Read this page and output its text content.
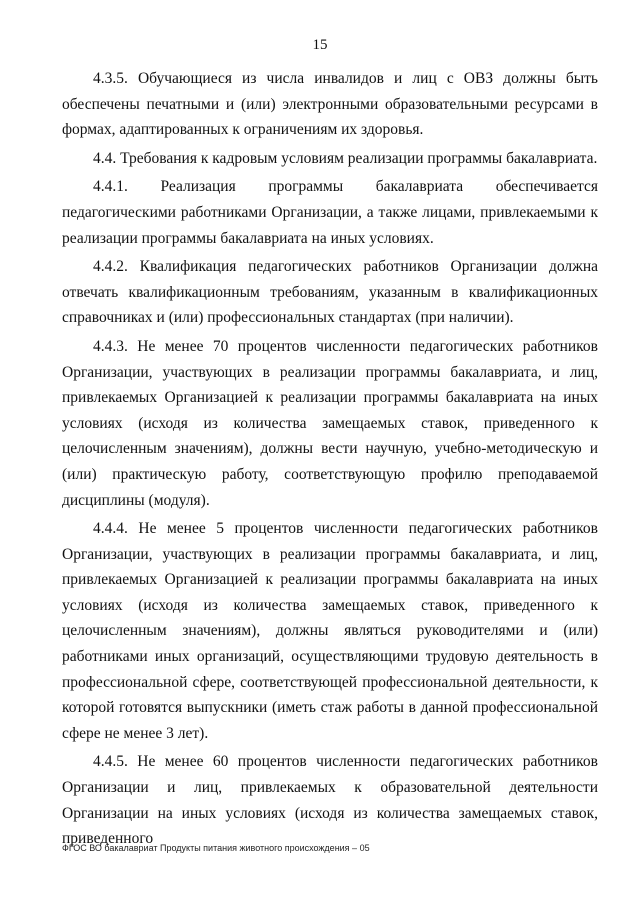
15

4.3.5. Обучающиеся из числа инвалидов и лиц с ОВЗ должны быть обеспечены печатными и (или) электронными образовательными ресурсами в формах, адаптированных к ограничениям их здоровья.

4.4. Требования к кадровым условиям реализации программы бакалавриата.

4.4.1. Реализация программы бакалавриата обеспечивается педагогическими работниками Организации, а также лицами, привлекаемыми к реализации программы бакалавриата на иных условиях.

4.4.2. Квалификация педагогических работников Организации должна отвечать квалификационным требованиям, указанным в квалификационных справочниках и (или) профессиональных стандартах (при наличии).

4.4.3. Не менее 70 процентов численности педагогических работников Организации, участвующих в реализации программы бакалавриата, и лиц, привлекаемых Организацией к реализации программы бакалавриата на иных условиях (исходя из количества замещаемых ставок, приведенного к целочисленным значениям), должны вести научную, учебно-методическую и (или) практическую работу, соответствующую профилю преподаваемой дисциплины (модуля).

4.4.4. Не менее 5 процентов численности педагогических работников Организации, участвующих в реализации программы бакалавриата, и лиц, привлекаемых Организацией к реализации программы бакалавриата на иных условиях (исходя из количества замещаемых ставок, приведенного к целочисленным значениям), должны являться руководителями и (или) работниками иных организаций, осуществляющими трудовую деятельность в профессиональной сфере, соответствующей профессиональной деятельности, к которой готовятся выпускники (иметь стаж работы в данной профессиональной сфере не менее 3 лет).

4.4.5. Не менее 60 процентов численности педагогических работников Организации и лиц, привлекаемых к образовательной деятельности Организации на иных условиях (исходя из количества замещаемых ставок, приведенного

ФГОС ВО бакалавриат Продукты питания животного происхождения – 05
